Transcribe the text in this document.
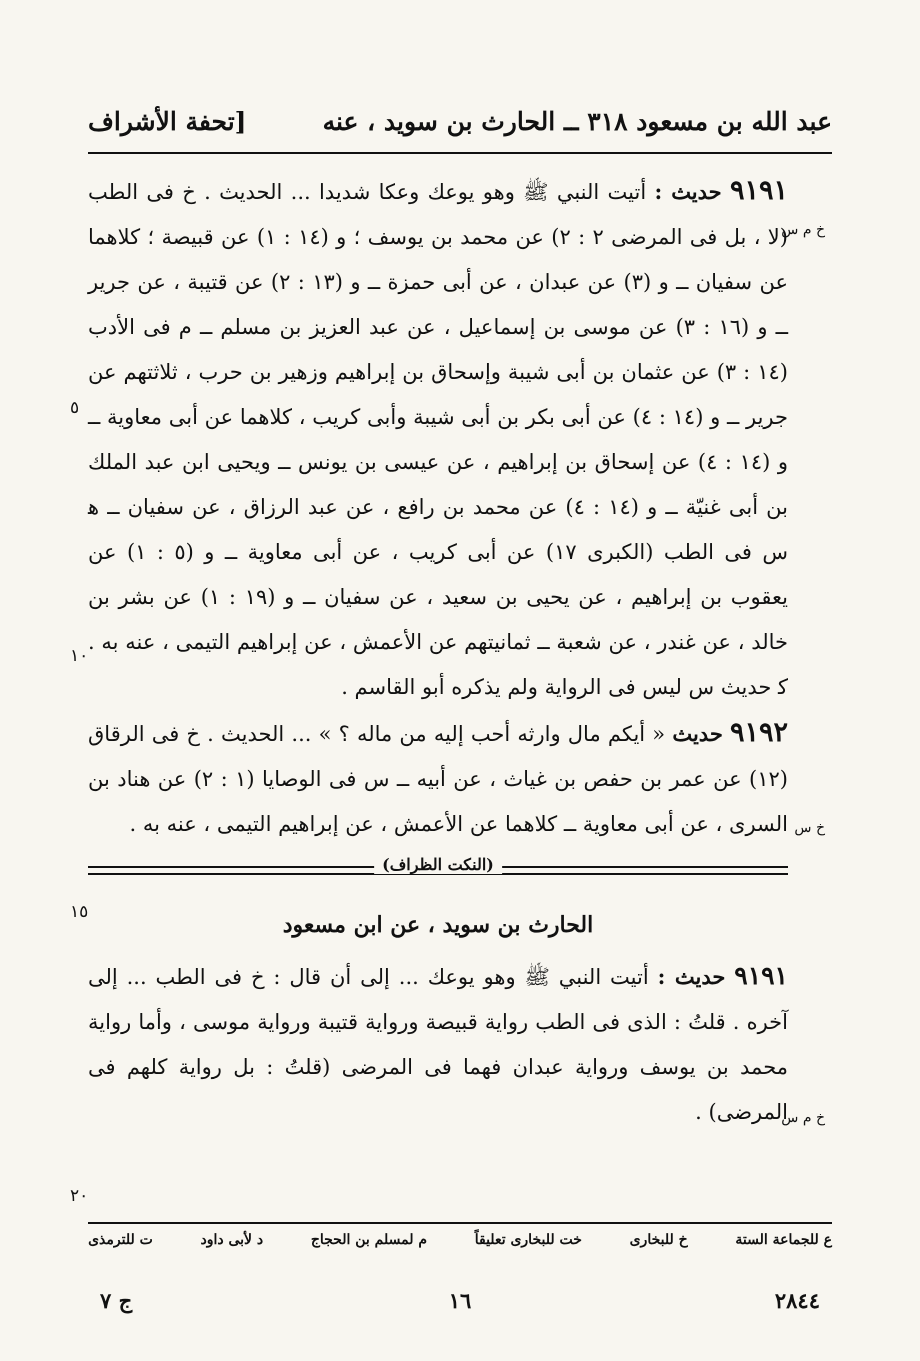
عبد الله بن مسعود ٣١٨ ــ الحارث بن سويد ، عنه
[تحفة الأشراف

٩١٩١ حديث : أتيت النبي ﷺ وهو يوعك وعكا شديدا ... الحديث . خ فى الطب (لا ، بل فى المرضى ٢ : ٢) عن محمد بن يوسف ؛ و (١٤ : ١) عن قبيصة ؛ كلاهما عن سفيان ــ و (٣) عن عبدان ، عن أبى حمزة ــ و (١٣ : ٢) عن قتيبة ، عن جرير ــ و (١٦ : ٣) عن موسى بن إسماعيل ، عن عبد العزيز بن مسلم ــ م فى الأدب (١٤ : ٣) عن عثمان بن أبى شيبة وإسحاق بن إبراهيم وزهير بن حرب ، ثلاثتهم عن جرير ــ و (١٤ : ٤) عن أبى بكر بن أبى شيبة وأبى كريب ، كلاهما عن أبى معاوية ــ و (١٤ : ٤) عن إسحاق بن إبراهيم ، عن عيسى بن يونس ــ ويحيى ابن عبد الملك بن أبى غنيّة ــ و (١٤ : ٤) عن محمد بن رافع ، عن عبد الرزاق ، عن سفيان ــ ﻫ س فى الطب (الكبرى ١٧) عن أبى كريب ، عن أبى معاوية ــ و (٥ : ١) عن يعقوب بن إبراهيم ، عن يحيى بن سعيد ، عن سفيان ــ و (١٩ : ١) عن بشر بن خالد ، عن غندر ، عن شعبة ــ ثمانيتهم عن الأعمش ، عن إبراهيم التيمى ، عنه به . ﮐ حديث س ليس فى الرواية ولم يذكره أبو القاسم .

٩١٩٢ حديث « أيكم مال وارثه أحب إليه من ماله ؟ » ... الحديث . خ فى الرقاق (١٢) عن عمر بن حفص بن غياث ، عن أبيه ــ س فى الوصايا (١ : ٢) عن هناد بن السرى ، عن أبى معاوية ــ كلاهما عن الأعمش ، عن إبراهيم التيمى ، عنه به .

(النكت الظراف)
الحارث بن سويد ، عن ابن مسعود

٩١٩١ حديث : أتيت النبي ﷺ وهو يوعك ... إلى أن قال : خ فى الطب ... إلى آخره . قلتُ : الذى فى الطب رواية قبيصة ورواية قتيبة ورواية موسى ، وأما رواية محمد بن يوسف ورواية عبدان فهما فى المرضى (قلتُ : بل رواية كلهم فى المرضى) .

خ م س
خ س
خ م س
٥
١٠
١٥
٢٠
ع للجماعة الستة
خ للبخارى
خت للبخارى تعليقاً
م لمسلم بن الحجاج
د لأبى داود
ت للترمذى
٢٨٤٤
١٦
ج ٧
